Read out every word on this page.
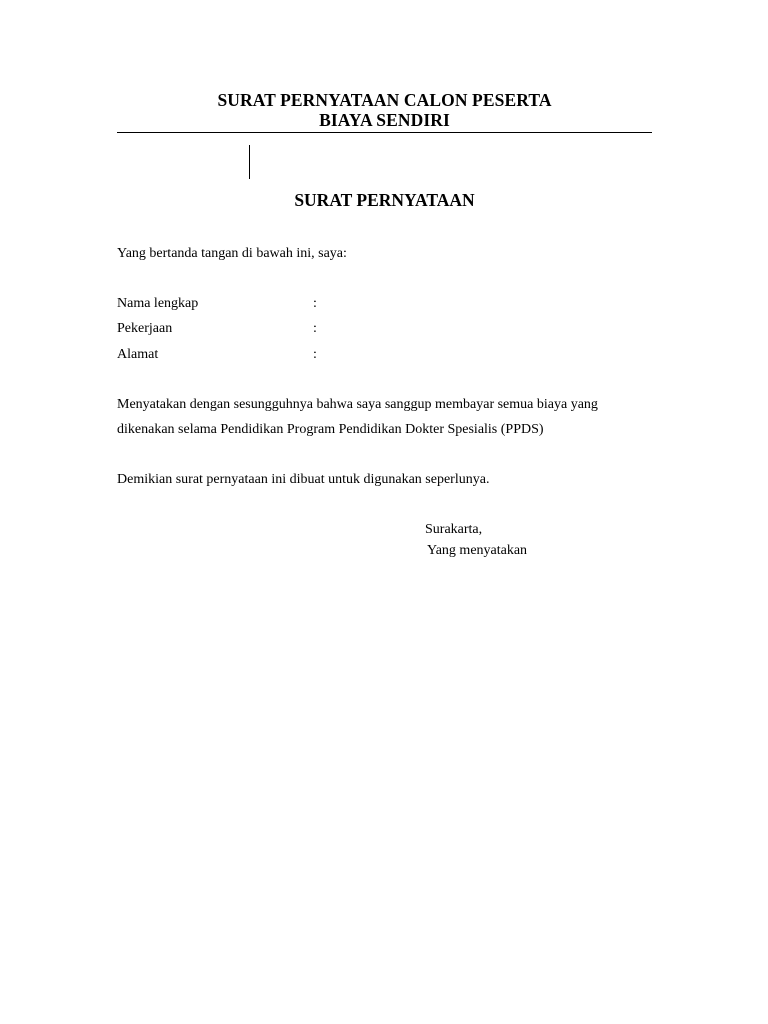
SURAT PERNYATAAN CALON PESERTA
BIAYA SENDIRI
SURAT PERNYATAAN
Yang bertanda tangan di bawah ini, saya:
Nama lengkap	:
Pekerjaan	:
Alamat	:
Menyatakan dengan sesungguhnya bahwa saya sanggup membayar semua biaya yang
dikenakan selama Pendidikan Program Pendidikan Dokter Spesialis (PPDS)
Demikian surat pernyataan ini dibuat untuk digunakan seperlunya.
Surakarta,
Yang menyatakan
